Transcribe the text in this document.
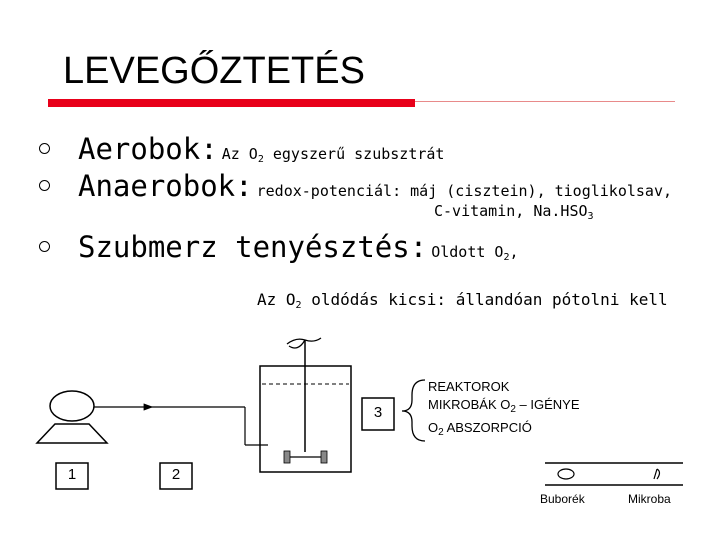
LEVEGŐZTETÉS
Aerobok: Az $O_2$ egyszerű szubsztrát
Anaerobok: redox-potenciál: máj (cisztein), tioglikolsav,
C-vitamin, $Na.HSO_3$
Szubmerz tenyésztés: Oldott $O_2$,
Az $O_2$ oldódás kicsi: állandóan pótolni kell
1	2
3
REAKTOROK
MIKROBÁK $O_2$ – IGÉNYE
$O_2$ ABSZORPCIÓ
Buborék	Mikroba
